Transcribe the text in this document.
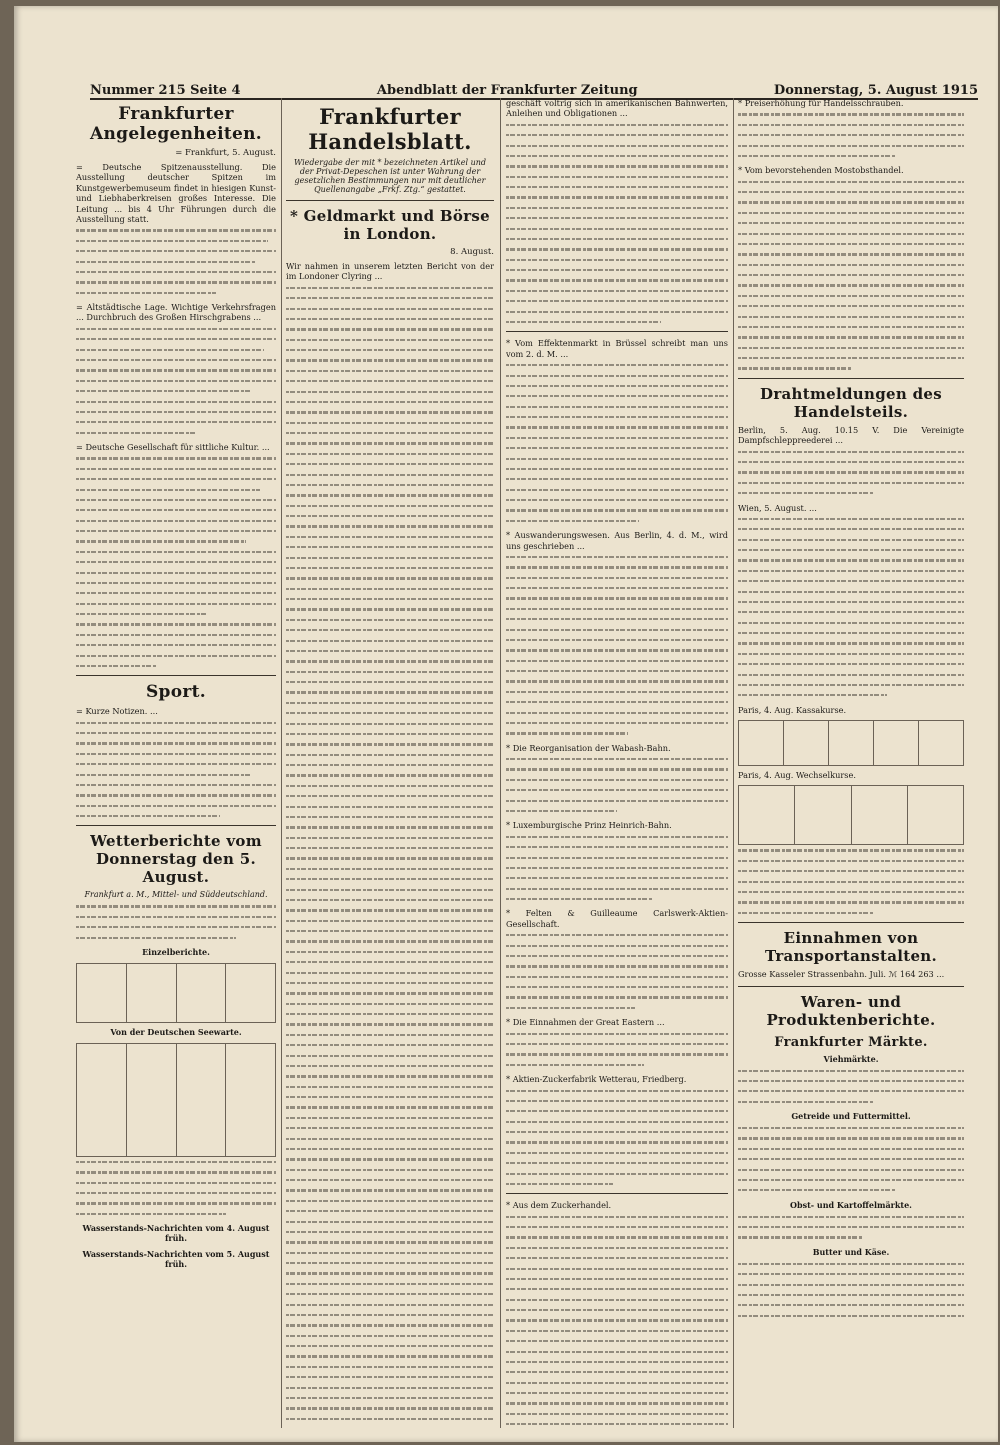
Nummer 215 Seite 4	Abendblatt der Frankfurter Zeitung	Donnerstag, 5. August 1915
Frankfurter Angelegenheiten.
= Frankfurt, 5. August.

= Deutsche Spitzenausstellung. Die Ausstellung deutscher Spitzen im Kunstgewerbemuseum findet in hiesigen Kunst- und Liebhaberkreisen großes Interesse. Die Leitung ... bis 4 Uhr Führungen durch die Ausstellung statt.

= Altstädtische Lage. Wichtige Verkehrsfragen ... Durchbruch des Großen Hirschgrabens ...

= Deutsche Gesellschaft für sittliche Kultur. ...

Sport.

= Kurze Notizen. ...

Wetterberichte vom Donnerstag den 5. August.
Frankfurt a. M., Mittel- und Süddeutschland.
Einzelberichte.

Von der Deutschen Seewarte.

Wasserstands-Nachrichten vom 4. August früh.
Wasserstands-Nachrichten vom 5. August früh.
Frankfurter Handelsblatt.
Wiedergabe der mit * bezeichneten Artikel und der Privat-Depeschen ist unter Wahrung der gesetzlichen Bestimmungen nur mit deutlicher Quellenangabe „Frkf. Ztg.“ gestattet.
* Geldmarkt und Börse in London.
8. August.

Wir nahmen in unserem letzten Bericht von der im Londoner Clyring ...

geschäft voltrig sich in amerikanischen Bahnwerten, Anleihen und Obligationen ...

* Vom Effektenmarkt in Brüssel schreibt man uns vom 2. d. M. ...

* Auswanderungswesen. Aus Berlin, 4. d. M., wird uns geschrieben ...

* Die Reorganisation der Wabash-Bahn.

* Luxemburgische Prinz Heinrich-Bahn.

* Felten & Guilleaume Carlswerk-Aktien-Gesellschaft.

* Die Einnahmen der Great Eastern ...

* Aktien-Zuckerfabrik Wetterau, Friedberg.

* Aus dem Zuckerhandel.

* Preiserhöhung für Handelsschrauben.

* Vom bevorstehenden Mostobsthandel.

Drahtmeldungen des Handelsteils.

Berlin, 5. Aug. 10.15 V. Die Vereinigte Dampfschleppreederei ...

Wien, 5. August. ...

Paris, 4. Aug. Kassakurse.

Paris, 4. Aug. Wechselkurse.

Einnahmen von Transportanstalten.

Grosse Kasseler Strassenbahn. Juli. ℳ 164 263 ...

Waren- und Produktenberichte.
Frankfurter Märkte.
Viehmärkte.
Getreide und Futtermittel.
Obst- und Kartoffelmärkte.
Butter und Käse.
